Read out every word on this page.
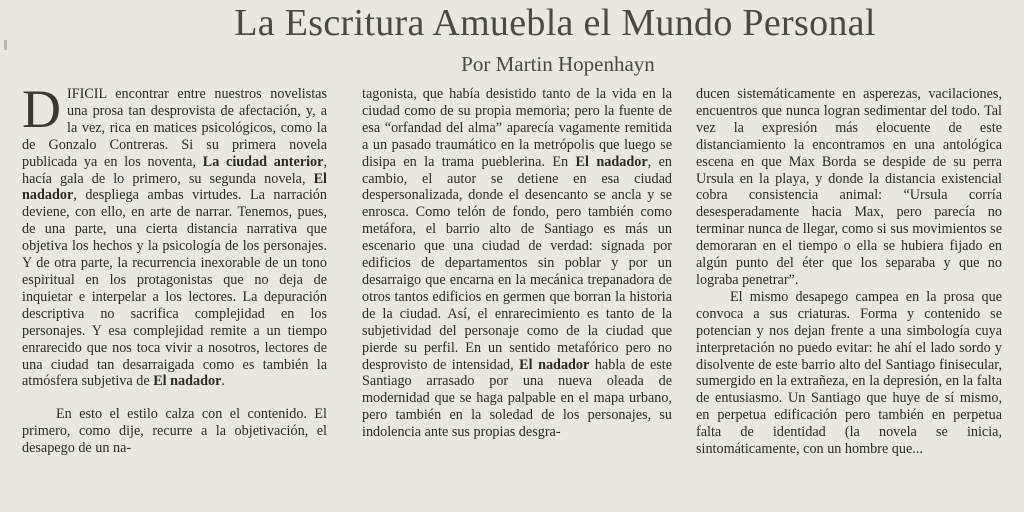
La Escritura Amuebla el Mundo Personal
Por Martin Hopenhayn

DIFICIL encontrar entre nuestros novelistas una prosa tan desprovista de afectación, y, a la vez, rica en matices psicológicos, como la de Gonzalo Contreras. Si su primera novela publicada ya en los noventa, La ciudad anterior, hacía gala de lo primero, su segunda novela, El nadador, despliega ambas virtudes. La narración deviene, con ello, en arte de narrar. Tenemos, pues, de una parte, una cierta distancia narrativa que objetiva los hechos y la psicología de los personajes. Y de otra parte, la recurrencia inexorable de un tono espiritual en los protagonistas que no deja de inquietar e interpelar a los lectores. La depuración descriptiva no sacrifica complejidad en los personajes. Y esa complejidad remite a un tiempo enrarecido que nos toca vivir a nosotros, lectores de una ciudad tan desarraigada como es también la atmósfera subjetiva de El nadador.

En esto el estilo calza con el contenido. El primero, como dije, recurre a la objetivación, el desapego de un na-

tagonista, que había desistido tanto de la vida en la ciudad como de su propia memoria; pero la fuente de esa “orfandad del alma” aparecía vagamente remitida a un pasado traumático en la metrópolis que luego se disipa en la trama pueblerina. En El nadador, en cambio, el autor se detiene en esa ciudad despersonalizada, donde el desencanto se ancla y se enrosca. Como telón de fondo, pero también como metáfora, el barrio alto de Santiago es más un escenario que una ciudad de verdad: signada por edificios de departamentos sin poblar y por un desarraigo que encarna en la mecánica trepanadora de otros tantos edificios en germen que borran la historia de la ciudad. Así, el enrarecimiento es tanto de la subjetividad del personaje como de la ciudad que pierde su perfil. En un sentido metafórico pero no desprovisto de intensidad, El nadador habla de este Santiago arrasado por una nueva oleada de modernidad que se haga palpable en el mapa urbano, pero también en la soledad de los personajes, su indolencia ante sus propias desgra-

ducen sistemáticamente en asperezas, vacilaciones, encuentros que nunca logran sedimentar del todo. Tal vez la expresión más elocuente de este distanciamiento la encontramos en una antológica escena en que Max Borda se despide de su perra Ursula en la playa, y donde la distancia existencial cobra consistencia animal: “Ursula corría desesperadamente hacia Max, pero parecía no terminar nunca de llegar, como si sus movimientos se demoraran en el tiempo o ella se hubiera fijado en algún punto del éter que los separaba y que no lograba penetrar”.

El mismo desapego campea en la prosa que convoca a sus criaturas. Forma y contenido se potencian y nos dejan frente a una simbología cuya interpretación no puedo evitar: he ahí el lado sordo y disolvente de este barrio alto del Santiago finisecular, sumergido en la extrañeza, en la depresión, en la falta de entusiasmo. Un Santiago que huye de sí mismo, en perpetua edificación pero también en perpetua falta de identidad (la novela se inicia, sintomáticamente, con un hombre que...
